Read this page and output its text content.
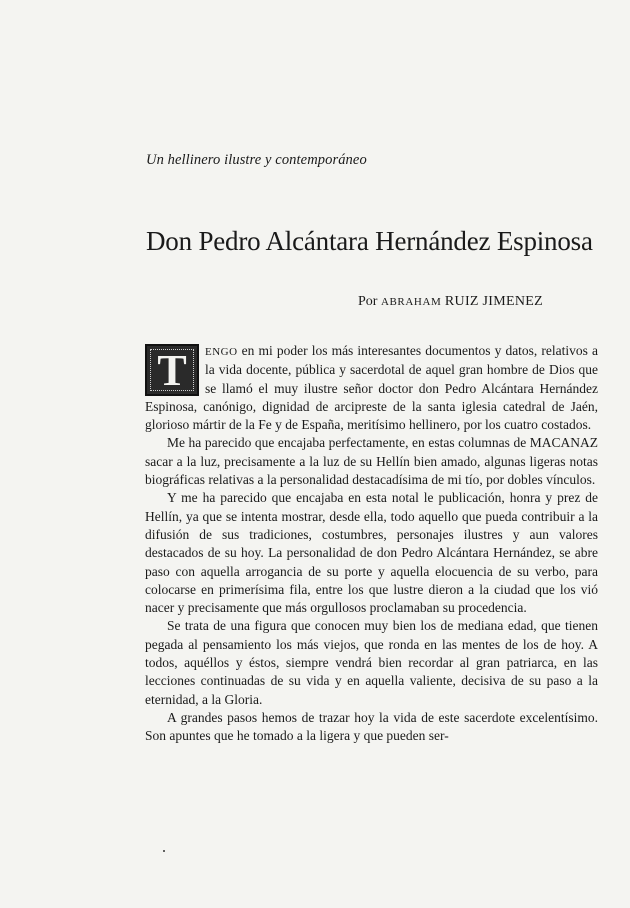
Un hellinero ilustre y contemporáneo
Don Pedro Alcántara Hernández Espinosa
Por ABRAHAM RUIZ JIMENEZ

T	ENGO en mi poder los más interesantes documentos y datos, relativos a la vida docente, pública y sacerdotal de aquel gran hombre de Dios que se llamó el muy ilustre señor doctor don Pedro Alcántara Hernández Espinosa, canónigo, dignidad de arcipreste de la santa iglesia catedral de Jaén, glorioso mártir de la Fe y de España, meritísimo hellinero, por los cuatro costados.

Me ha parecido que encajaba perfectamente, en estas columnas de MACANAZ sacar a la luz, precisamente a la luz de su Hellín bien amado, algunas ligeras notas biográficas relativas a la personalidad destacadísima de mi tío, por dobles vínculos.

Y me ha parecido que encajaba en esta notal le publicación, honra y prez de Hellín, ya que se intenta mostrar, desde ella, todo aquello que pueda contribuir a la difusión de sus tradiciones, costumbres, personajes ilustres y aun valores destacados de su hoy. La personalidad de don Pedro Alcántara Hernández, se abre paso con aquella arrogancia de su porte y aquella elocuencia de su verbo, para colocarse en primerísima fila, entre los que lustre dieron a la ciudad que los vió nacer y precisamente que más orgullosos proclamaban su procedencia.

Se trata de una figura que conocen muy bien los de mediana edad, que tienen pegada al pensamiento los más viejos, que ronda en las mentes de los de hoy. A todos, aquéllos y éstos, siempre vendrá bien recordar al gran patriarca, en las lecciones continuadas de su vida y en aquella valiente, decisiva de su paso a la eternidad, a la Gloria.

A grandes pasos hemos de trazar hoy la vida de este sacerdote excelentísimo. Son apuntes que he tomado a la ligera y que pueden ser-
